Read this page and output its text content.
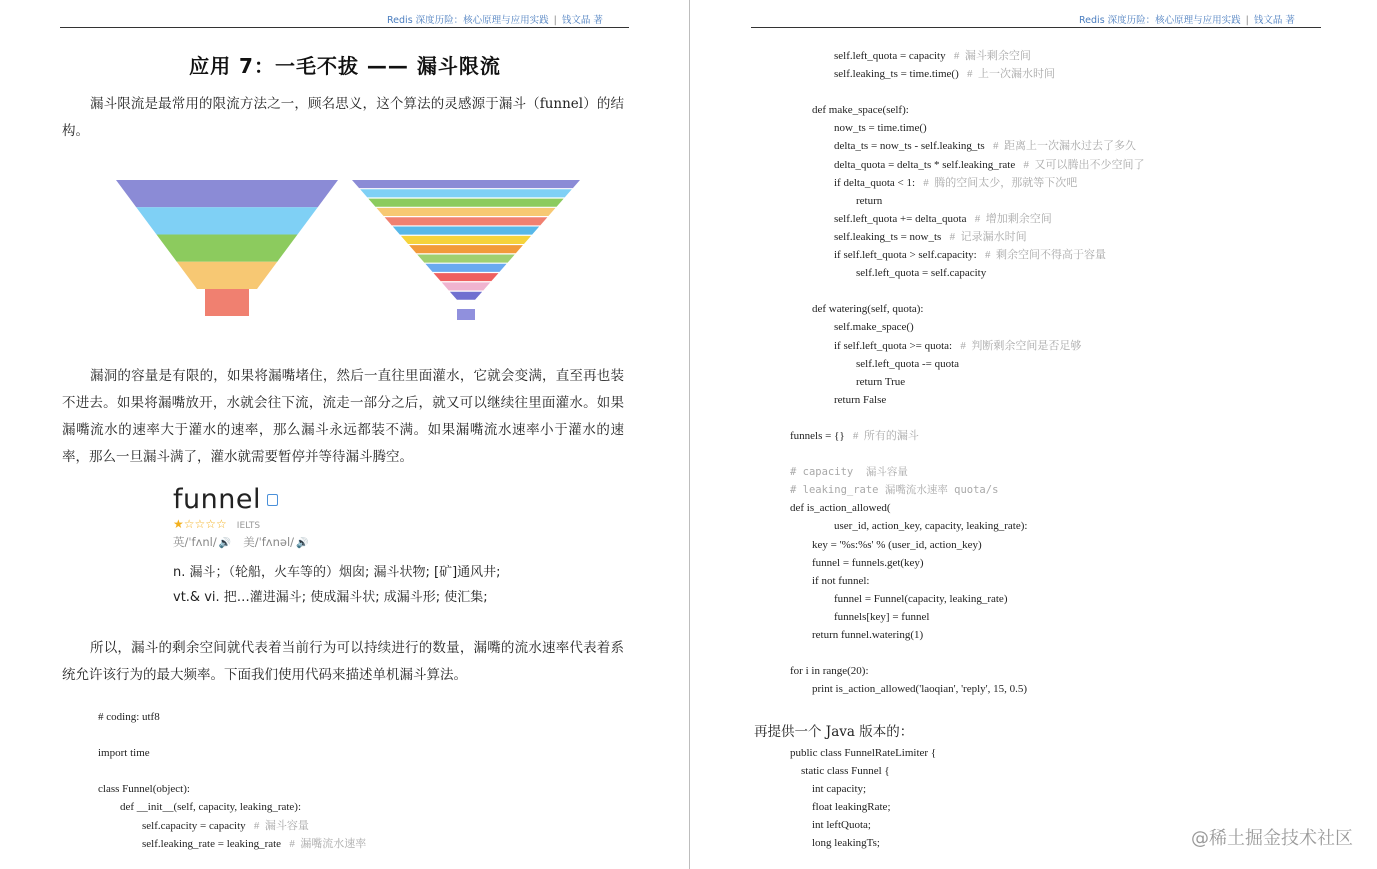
Redis 深度历险：核心原理与应用实践 | 钱文晶 著
应用 7：一毛不拔 —— 漏斗限流
漏斗限流是最常用的限流方法之一，顾名思义，这个算法的灵感源于漏斗（funnel）的结构。
漏洞的容量是有限的，如果将漏嘴堵住，然后一直往里面灌水，它就会变满，直至再也装不进去。如果将漏嘴放开，水就会往下流，流走一部分之后，就又可以继续往里面灌水。如果漏嘴流水的速率大于灌水的速率，那么漏斗永远都装不满。如果漏嘴流水速率小于灌水的速率，那么一旦漏斗满了，灌水就需要暂停并等待漏斗腾空。
funnel
★☆☆☆☆ IELTS
英/ˈfʌnl/ 🔊 美/ˈfʌnəl/ 🔊
n. 漏斗；（轮船，火车等的）烟囱; 漏斗状物; [矿]通风井;
vt.& vi. 把…灌进漏斗; 使成漏斗状; 成漏斗形; 使汇集;
所以，漏斗的剩余空间就代表着当前行为可以持续进行的数量，漏嘴的流水速率代表着系统允许该行为的最大频率。下面我们使用代码来描述单机漏斗算法。
# coding: utf8
import time
class Funnel(object):
def __init__(self, capacity, leaking_rate):
self.capacity = capacity   #  漏斗容量
self.leaking_rate = leaking_rate   #  漏嘴流水速率
Redis 深度历险：核心原理与应用实践 | 钱文晶 著
self.left_quota = capacity   #  漏斗剩余空间
self.leaking_ts = time.time()   #  上一次漏水时间
def make_space(self):
now_ts = time.time()
delta_ts = now_ts - self.leaking_ts   #  距离上一次漏水过去了多久
delta_quota = delta_ts * self.leaking_rate   #  又可以腾出不少空间了
if delta_quota < 1:   #  腾的空间太少，那就等下次吧
return
self.left_quota += delta_quota   #  增加剩余空间
self.leaking_ts = now_ts   #  记录漏水时间
if self.left_quota > self.capacity:   #  剩余空间不得高于容量
self.left_quota = self.capacity
def watering(self, quota):
self.make_space()
if self.left_quota >= quota:   #  判断剩余空间是否足够
self.left_quota -= quota
return True
return False
funnels = {}   #  所有的漏斗
# capacity  漏斗容量
# leaking_rate 漏嘴流水速率 quota/s
def is_action_allowed(
user_id, action_key, capacity, leaking_rate):
key = '%s:%s' % (user_id, action_key)
funnel = funnels.get(key)
if not funnel:
funnel = Funnel(capacity, leaking_rate)
funnels[key] = funnel
return funnel.watering(1)
for i in range(20):
print is_action_allowed('laoqian', 'reply', 15, 0.5)
再提供一个 Java 版本的：
public class FunnelRateLimiter {
static class Funnel {
int capacity;
float leakingRate;
int leftQuota;
long leakingTs;	@稀土掘金技术社区
